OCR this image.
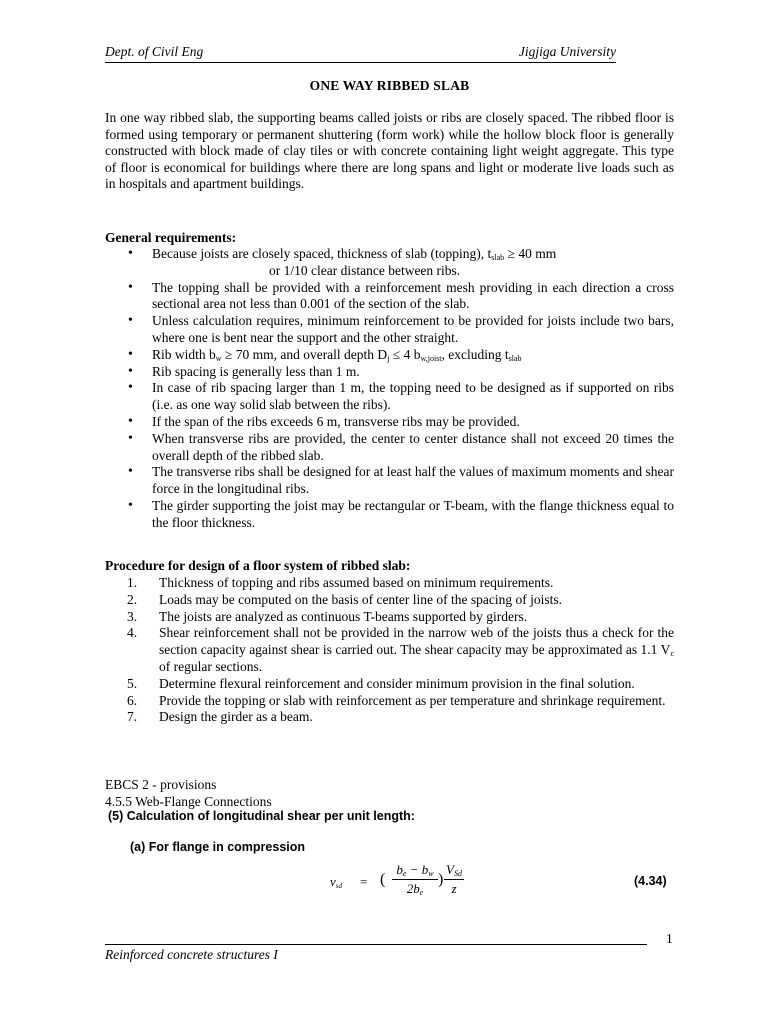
Dept. of Civil Eng	Jigjiga University
ONE WAY RIBBED SLAB

In one way ribbed slab, the supporting beams called joists or ribs are closely spaced. The ribbed floor is formed using temporary or permanent shuttering (form work) while the hollow block floor is generally constructed with block made of clay tiles or with concrete containing light weight aggregate. This type of floor is economical for buildings where there are long spans and light or moderate live loads such as in hospitals and apartment buildings.

General requirements:
• Because joists are closely spaced, thickness of slab (topping), $t_{slab} \ge 40$ mm
or 1/10 clear distance between ribs.
• The topping shall be provided with a reinforcement mesh providing in each direction a cross sectional area not less than 0.001 of the section of the slab.
• Unless calculation requires, minimum reinforcement to be provided for joists include two bars, where one is bent near the support and the other straight.
• Rib width $b_w \ge 70$ mm, and overall depth $D_j \le 4$ $b_{w,joist}$, excluding $t_{slab}$
• Rib spacing is generally less than 1 m.
• In case of rib spacing larger than 1 m, the topping need to be designed as if supported on ribs (i.e. as one way solid slab between the ribs).
• If the span of the ribs exceeds 6 m, transverse ribs may be provided.
• When transverse ribs are provided, the center to center distance shall not exceed 20 times the overall depth of the ribbed slab.
• The transverse ribs shall be designed for at least half the values of maximum moments and shear force in the longitudinal ribs.
• The girder supporting the joist may be rectangular or T-beam, with the flange thickness equal to the floor thickness.
Procedure for design of a floor system of ribbed slab:
1. Thickness of topping and ribs assumed based on minimum requirements.
2. Loads may be computed on the basis of center line of the spacing of joists.
3. The joists are analyzed as continuous T-beams supported by girders.
4. Shear reinforcement shall not be provided in the narrow web of the joists thus a check for the section capacity against shear is carried out. The shear capacity may be approximated as 1.1 $V_c$ of regular sections.
5. Determine flexural reinforcement and consider minimum provision in the final solution.
6. Provide the topping or slab with reinforcement as per temperature and shrinkage requirement.
7. Design the girder as a beam.
EBCS 2 - provisions
4.5.5 Web-Flange Connections
(5) Calculation of longitudinal shear per unit length:
(a) For flange in compression
$v_{sd}$ = ( $\frac{b_e - b_w}{2b_e}$ )
$V_{Sd}$
z	(4.34)
1
Reinforced concrete structures I
